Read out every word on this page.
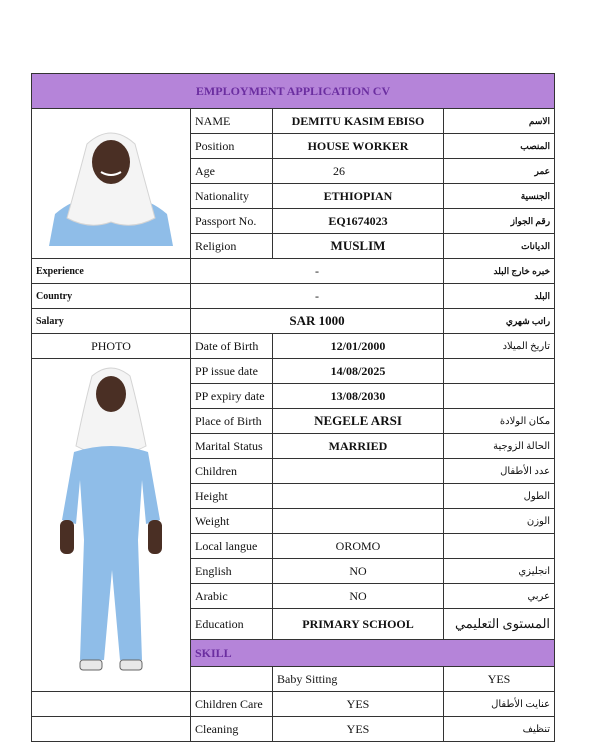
EMPLOYMENT APPLICATION CV				

	NAME	DEMITU KASIM EBISO	الاسم	
	Position	HOUSE WORKER	المنصب	
	Age	26	عمر	
	Nationality	ETHIOPIAN	الجنسية	
	Passport No.	EQ1674023	رقم الجواز	
	Religion	MUSLIM	الديانات	
Experience	-		خبره خارج البلد	
Country	-		البلد	
Salary	SAR 1000		راتب شهري	
PHOTO	Date of Birth	12/01/2000	تاريخ الميلاد	

	PP issue date	14/08/2025		
	PP expiry date	13/08/2030		
	Place of Birth	NEGELE ARSI	مكان الولادة	
	Marital Status	MARRIED	الحالة الزوجية	
	Children		عدد الأطفال	
	Height		الطول	
	Weight		الوزن	
	Local langue	OROMO		
	English	NO	انجليزي	
	Arabic	NO	عربي	
	Education	PRIMARY SCHOOL	المستوى التعليمي	
	SKILL			
		Baby Sitting	YES	
	Children Care	YES	عنايت الأطفال	
	Cleaning	YES	تنظيف	
